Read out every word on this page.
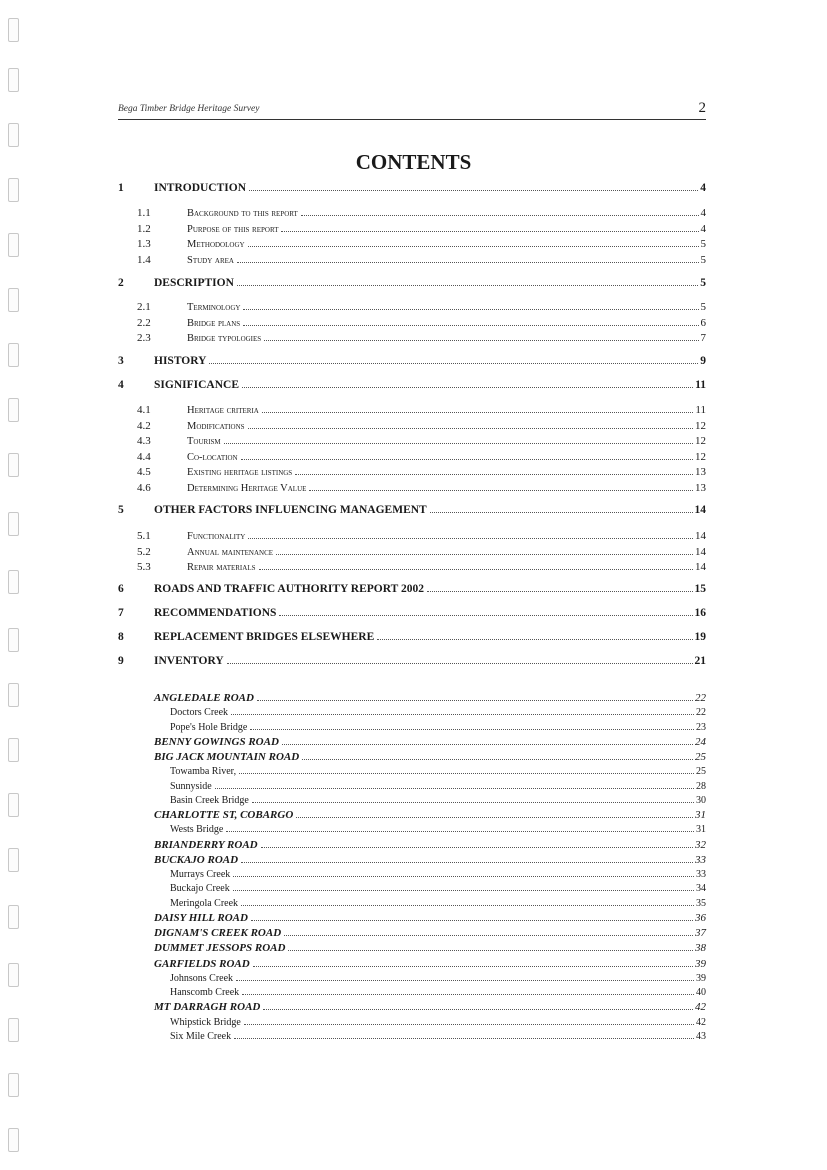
Bega Timber Bridge Heritage Survey	2
CONTENTS
1	INTRODUCTION	4
1.1	Background to this report	4
1.2	Purpose of this report	4
1.3	Methodology	5
1.4	Study area	5
2	DESCRIPTION	5
2.1	Terminology	5
2.2	Bridge plans	6
2.3	Bridge typologies	7
3	HISTORY	9
4	SIGNIFICANCE	11
4.1	Heritage criteria	11
4.2	Modifications	12
4.3	Tourism	12
4.4	Co-location	12
4.5	Existing heritage listings	13
4.6	Determining Heritage Value	13
5	OTHER FACTORS INFLUENCING MANAGEMENT	14
5.1	Functionality	14
5.2	Annual maintenance	14
5.3	Repair materials	14
6	ROADS AND TRAFFIC AUTHORITY REPORT 2002	15
7	RECOMMENDATIONS	16
8	REPLACEMENT BRIDGES ELSEWHERE	19
9	INVENTORY	21
ANGLEDALE ROAD	22
Doctors Creek	22
Pope's Hole Bridge	23
BENNY GOWINGS ROAD	24
BIG JACK MOUNTAIN ROAD	25
Towamba River,	25
Sunnyside	28
Basin Creek Bridge	30
CHARLOTTE ST, COBARGO	31
Wests Bridge	31
BRIANDERRY ROAD	32
BUCKAJO ROAD	33
Murrays Creek	33
Buckajo Creek	34
Meringola Creek	35
DAISY HILL ROAD	36
DIGNAM'S CREEK ROAD	37
DUMMET JESSOPS ROAD	38
GARFIELDS ROAD	39
Johnsons Creek	39
Hanscomb Creek	40
MT DARRAGH ROAD	42
Whipstick Bridge	42
Six Mile Creek	43
